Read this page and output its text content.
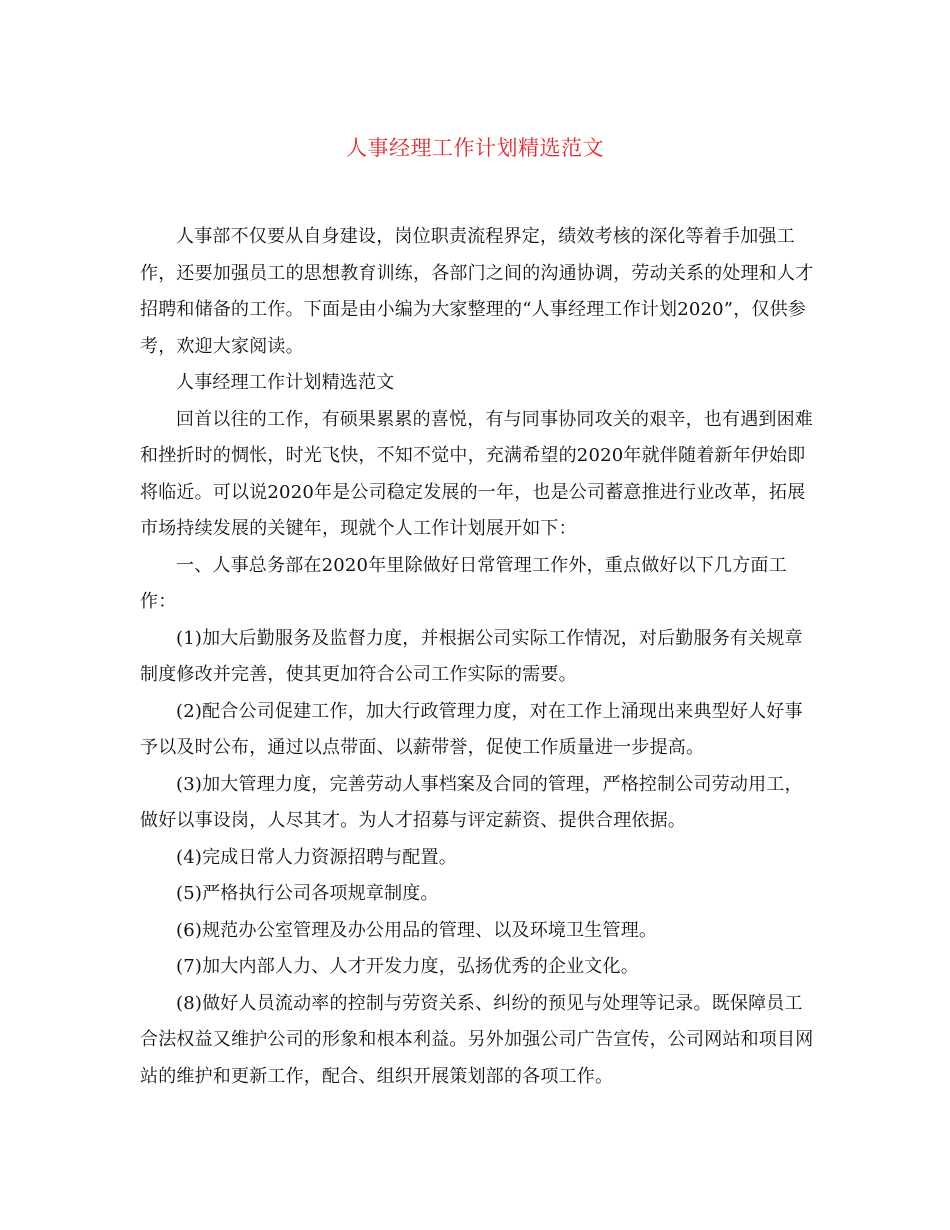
人事经理工作计划精选范文

人事部不仅要从自身建设，岗位职责流程界定，绩效考核的深化等着手加强工作，还要加强员工的思想教育训练，各部门之间的沟通协调，劳动关系的处理和人才招聘和储备的工作。下面是由小编为大家整理的“人事经理工作计划2020”，仅供参考，欢迎大家阅读。

人事经理工作计划精选范文

回首以往的工作，有硕果累累的喜悦，有与同事协同攻关的艰辛，也有遇到困难和挫折时的惆怅，时光飞快，不知不觉中，充满希望的2020年就伴随着新年伊始即将临近。可以说2020年是公司稳定发展的一年，也是公司蓄意推进行业改革，拓展市场持续发展的关键年，现就个人工作计划展开如下：

一、人事总务部在2020年里除做好日常管理工作外，重点做好以下几方面工作：

(1)加大后勤服务及监督力度，并根据公司实际工作情况，对后勤服务有关规章制度修改并完善，使其更加符合公司工作实际的需要。

(2)配合公司促建工作，加大行政管理力度，对在工作上涌现出来典型好人好事予以及时公布，通过以点带面、以薪带誉，促使工作质量进一步提高。

(3)加大管理力度，完善劳动人事档案及合同的管理，严格控制公司劳动用工，做好以事设岗，人尽其才。为人才招募与评定薪资、提供合理依据。

(4)完成日常人力资源招聘与配置。

(5)严格执行公司各项规章制度。

(6)规范办公室管理及办公用品的管理、以及环境卫生管理。

(7)加大内部人力、人才开发力度，弘扬优秀的企业文化。

(8)做好人员流动率的控制与劳资关系、纠纷的预见与处理等记录。既保障员工合法权益又维护公司的形象和根本利益。另外加强公司广告宣传，公司网站和项目网站的维护和更新工作，配合、组织开展策划部的各项工作。
